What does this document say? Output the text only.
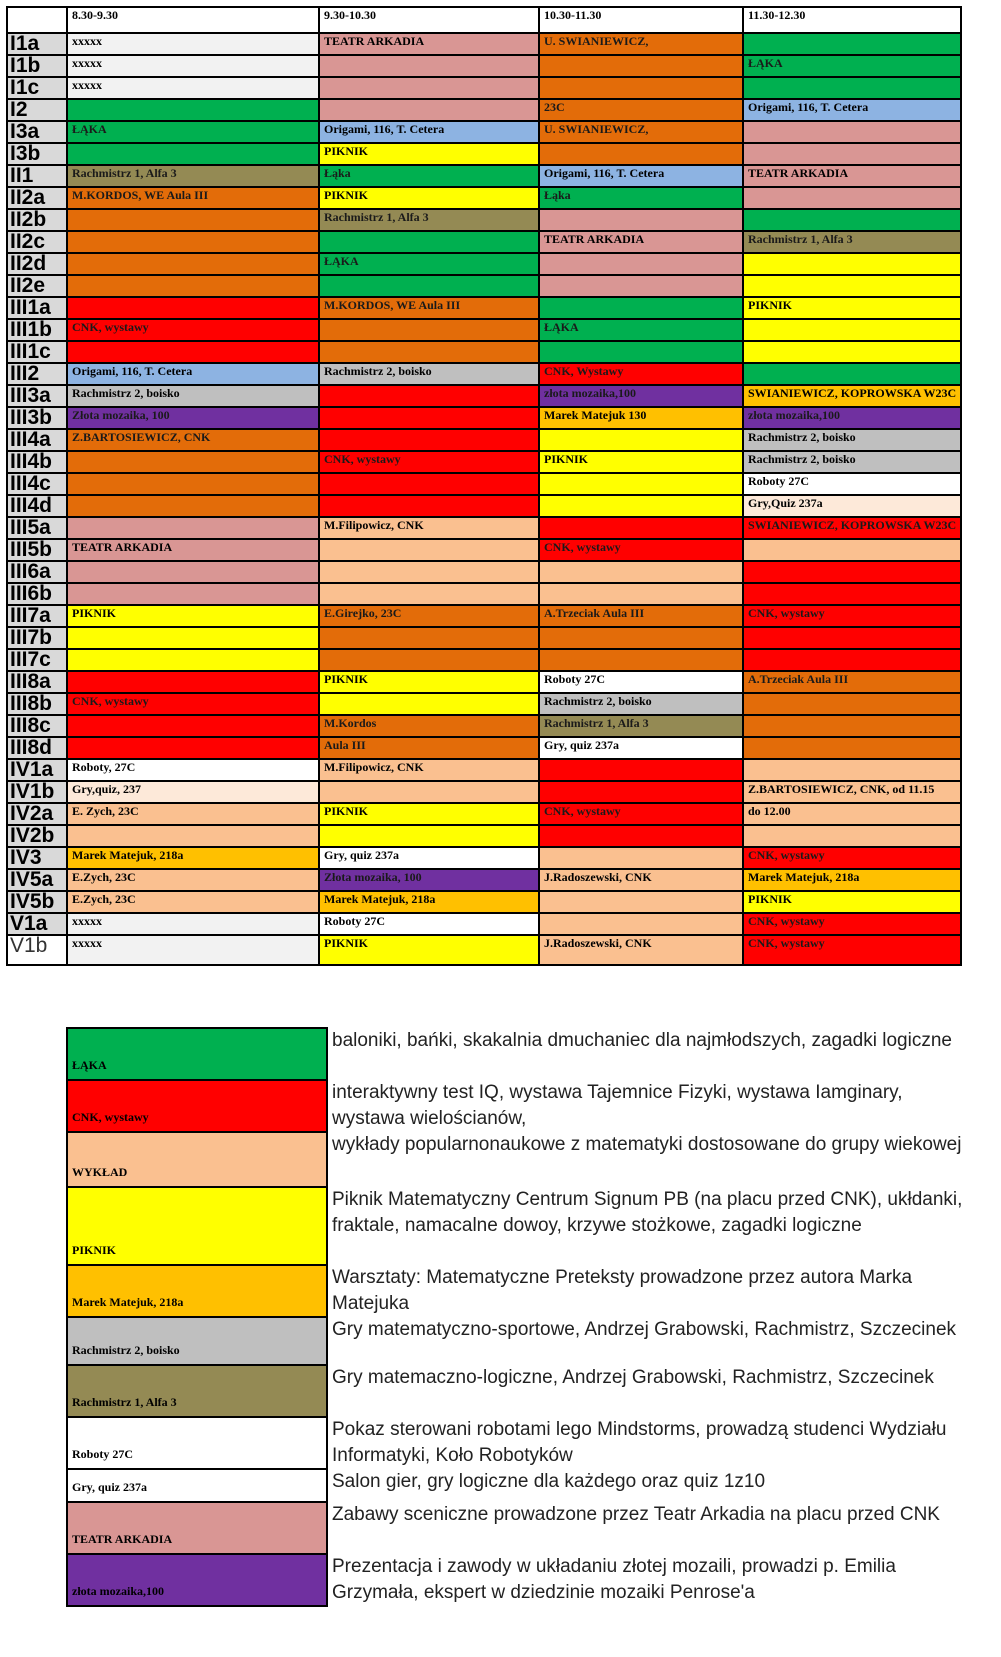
	8.30-9.30	9.30-10.30	10.30-11.30	11.30-12.30
I1a	xxxxx	TEATR ARKADIA	U. SWIANIEWICZ,	
I1b	xxxxx			ŁĄKA
I1c	xxxxx			
I2			23C	Origami, 116, T. Cetera
I3a	ŁĄKA	Origami, 116, T. Cetera	U. SWIANIEWICZ,	
I3b		PIKNIK		
II1	Rachmistrz 1, Alfa 3	Łąka	Origami, 116, T. Cetera	TEATR ARKADIA
II2a	M.KORDOS, WE Aula III	PIKNIK	Łąka	
II2b		Rachmistrz 1, Alfa 3		
II2c			TEATR ARKADIA	Rachmistrz 1, Alfa 3
II2d		ŁĄKA		
II2e				
III1a		M.KORDOS, WE Aula III		PIKNIK
III1b	CNK, wystawy		ŁĄKA	
III1c				
III2	Origami, 116, T. Cetera	Rachmistrz 2, boisko	CNK, Wystawy	
III3a	Rachmistrz 2, boisko		złota mozaika,100	SWIANIEWICZ, KOPROWSKA W23C
III3b	Złota mozaika, 100		Marek Matejuk 130	złota mozaika,100
III4a	Z.BARTOSIEWICZ, CNK			Rachmistrz 2, boisko
III4b		CNK, wystawy	PIKNIK	Rachmistrz 2, boisko
III4c				Roboty 27C
III4d				Gry,Quiz 237a
III5a		M.Filipowicz, CNK		SWIANIEWICZ, KOPROWSKA W23C
III5b	TEATR ARKADIA		CNK, wystawy	
III6a				
III6b				
III7a	PIKNIK	E.Girejko, 23C	A.Trzeciak Aula III	CNK, wystawy
III7b				
III7c				
III8a		PIKNIK	Roboty 27C	A.Trzeciak Aula III
III8b	CNK, wystawy		Rachmistrz 2, boisko	
III8c		M.Kordos	Rachmistrz 1, Alfa 3	
III8d		Aula III	Gry, quiz 237a	
IV1a	Roboty, 27C	M.Filipowicz, CNK		
IV1b	Gry,quiz, 237			Z.BARTOSIEWICZ, CNK, od 11.15
IV2a	E. Zych, 23C	PIKNIK	CNK, wystawy	do 12.00
IV2b				
IV3	Marek Matejuk, 218a	Gry, quiz 237a		CNK, wystawy
IV5a	E.Zych, 23C	Złota mozaika, 100	J.Radoszewski, CNK	Marek Matejuk, 218a
IV5b	E.Zych, 23C	Marek Matejuk, 218a		PIKNIK
V1a	xxxxx	Roboty 27C		CNK, wystawy
V1b	xxxxx	PIKNIK	J.Radoszewski, CNK	CNK, wystawy
ŁĄKA	baloniki, bańki, skakalnia dmuchaniec dla najmłodszych, zagadki logiczne
CNK, wystawy	interaktywny test IQ, wystawa Tajemnice Fizyki, wystawa Iamginary, wystawa wielościanów,
WYKŁAD	wykłady popularnonaukowe z matematyki dostosowane do grupy wiekowej
PIKNIK	Piknik Matematyczny Centrum Signum PB (na placu przed CNK), ukłdanki, fraktale, namacalne dowoy, krzywe stożkowe, zagadki logiczne
Marek Matejuk, 218a	Warsztaty: Matematyczne Preteksty prowadzone przez autora Marka Matejuka
Rachmistrz 2, boisko	Gry matematyczno-sportowe, Andrzej Grabowski, Rachmistrz, Szczecinek
Rachmistrz 1, Alfa 3	Gry matemaczno-logiczne, Andrzej Grabowski, Rachmistrz, Szczecinek
Roboty 27C	Pokaz sterowani robotami lego Mindstorms, prowadzą studenci Wydziału Informatyki, Koło Robotyków
Gry, quiz 237a	Salon gier, gry logiczne dla każdego oraz quiz 1z10
TEATR ARKADIA	Zabawy sceniczne prowadzone przez Teatr Arkadia na placu przed CNK
złota mozaika,100	Prezentacja i zawody w układaniu złotej mozaili, prowadzi p. Emilia Grzymała, ekspert w dziedzinie mozaiki Penrose'a
